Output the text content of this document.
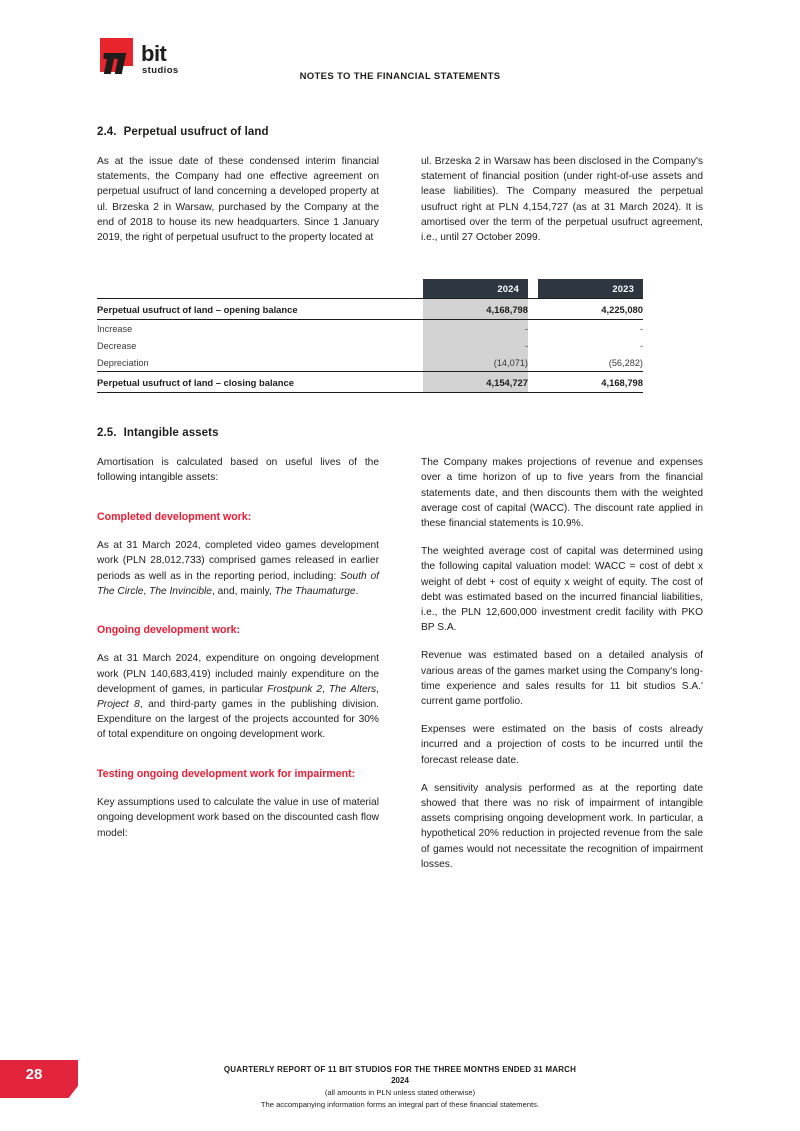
bit
studios
NOTES TO THE FINANCIAL STATEMENTS
2.4. Perpetual usufruct of land

As at the issue date of these condensed interim financial statements, the Company had one effective agreement on perpetual usufruct of land concerning a developed property at ul. Brzeska 2 in Warsaw, purchased by the Company at the end of 2018 to house its new headquarters. Since 1 January 2019, the right of perpetual usufruct to the property located at

ul. Brzeska 2 in Warsaw has been disclosed in the Company's statement of financial position (under right-of-use assets and lease liabilities). The Company measured the perpetual usufruct right at PLN 4,154,727 (as at 31 March 2024). It is amortised over the term of the perpetual usufruct agreement, i.e., until 27 October 2099.

	2024		2023
Perpetual usufruct of land – opening balance	4,168,798		4,225,080
Increase	-		-
Decrease	-		-
Depreciation	(14,071)		(56,282)
Perpetual usufruct of land – closing balance	4,154,727		4,168,798
2.5. Intangible assets

Amortisation is calculated based on useful lives of the following intangible assets:

Completed development work:

As at 31 March 2024, completed video games development work (PLN 28,012,733) comprised games released in earlier periods as well as in the reporting period, including: South of The Circle, The Invincible, and, mainly, The Thaumaturge.

Ongoing development work:

As at 31 March 2024, expenditure on ongoing development work (PLN 140,683,419) included mainly expenditure on the development of games, in particular Frostpunk 2, The Alters, Project 8, and third-party games in the publishing division. Expenditure on the largest of the projects accounted for 30% of total expenditure on ongoing development work.

Testing ongoing development work for impairment:

Key assumptions used to calculate the value in use of material ongoing development work based on the discounted cash flow model:

The Company makes projections of revenue and expenses over a time horizon of up to five years from the financial statements date, and then discounts them with the weighted average cost of capital (WACC). The discount rate applied in these financial statements is 10.9%.

The weighted average cost of capital was determined using the following capital valuation model: WACC = cost of debt x weight of debt + cost of equity x weight of equity. The cost of debt was estimated based on the incurred financial liabilities, i.e., the PLN 12,600,000 investment credit facility with PKO BP S.A.

Revenue was estimated based on a detailed analysis of various areas of the games market using the Company's long-time experience and sales results for 11 bit studios S.A.' current game portfolio.

Expenses were estimated on the basis of costs already incurred and a projection of costs to be incurred until the forecast release date.

A sensitivity analysis performed as at the reporting date showed that there was no risk of impairment of intangible assets comprising ongoing development work. In particular, a hypothetical 20% reduction in projected revenue from the sale of games would not necessitate the recognition of impairment losses.

28	QUARTERLY REPORT OF 11 BIT STUDIOS FOR THE THREE MONTHS ENDED 31 MARCH
2024
(all amounts in PLN unless stated otherwise)
The accompanying information forms an integral part of these financial statements.
